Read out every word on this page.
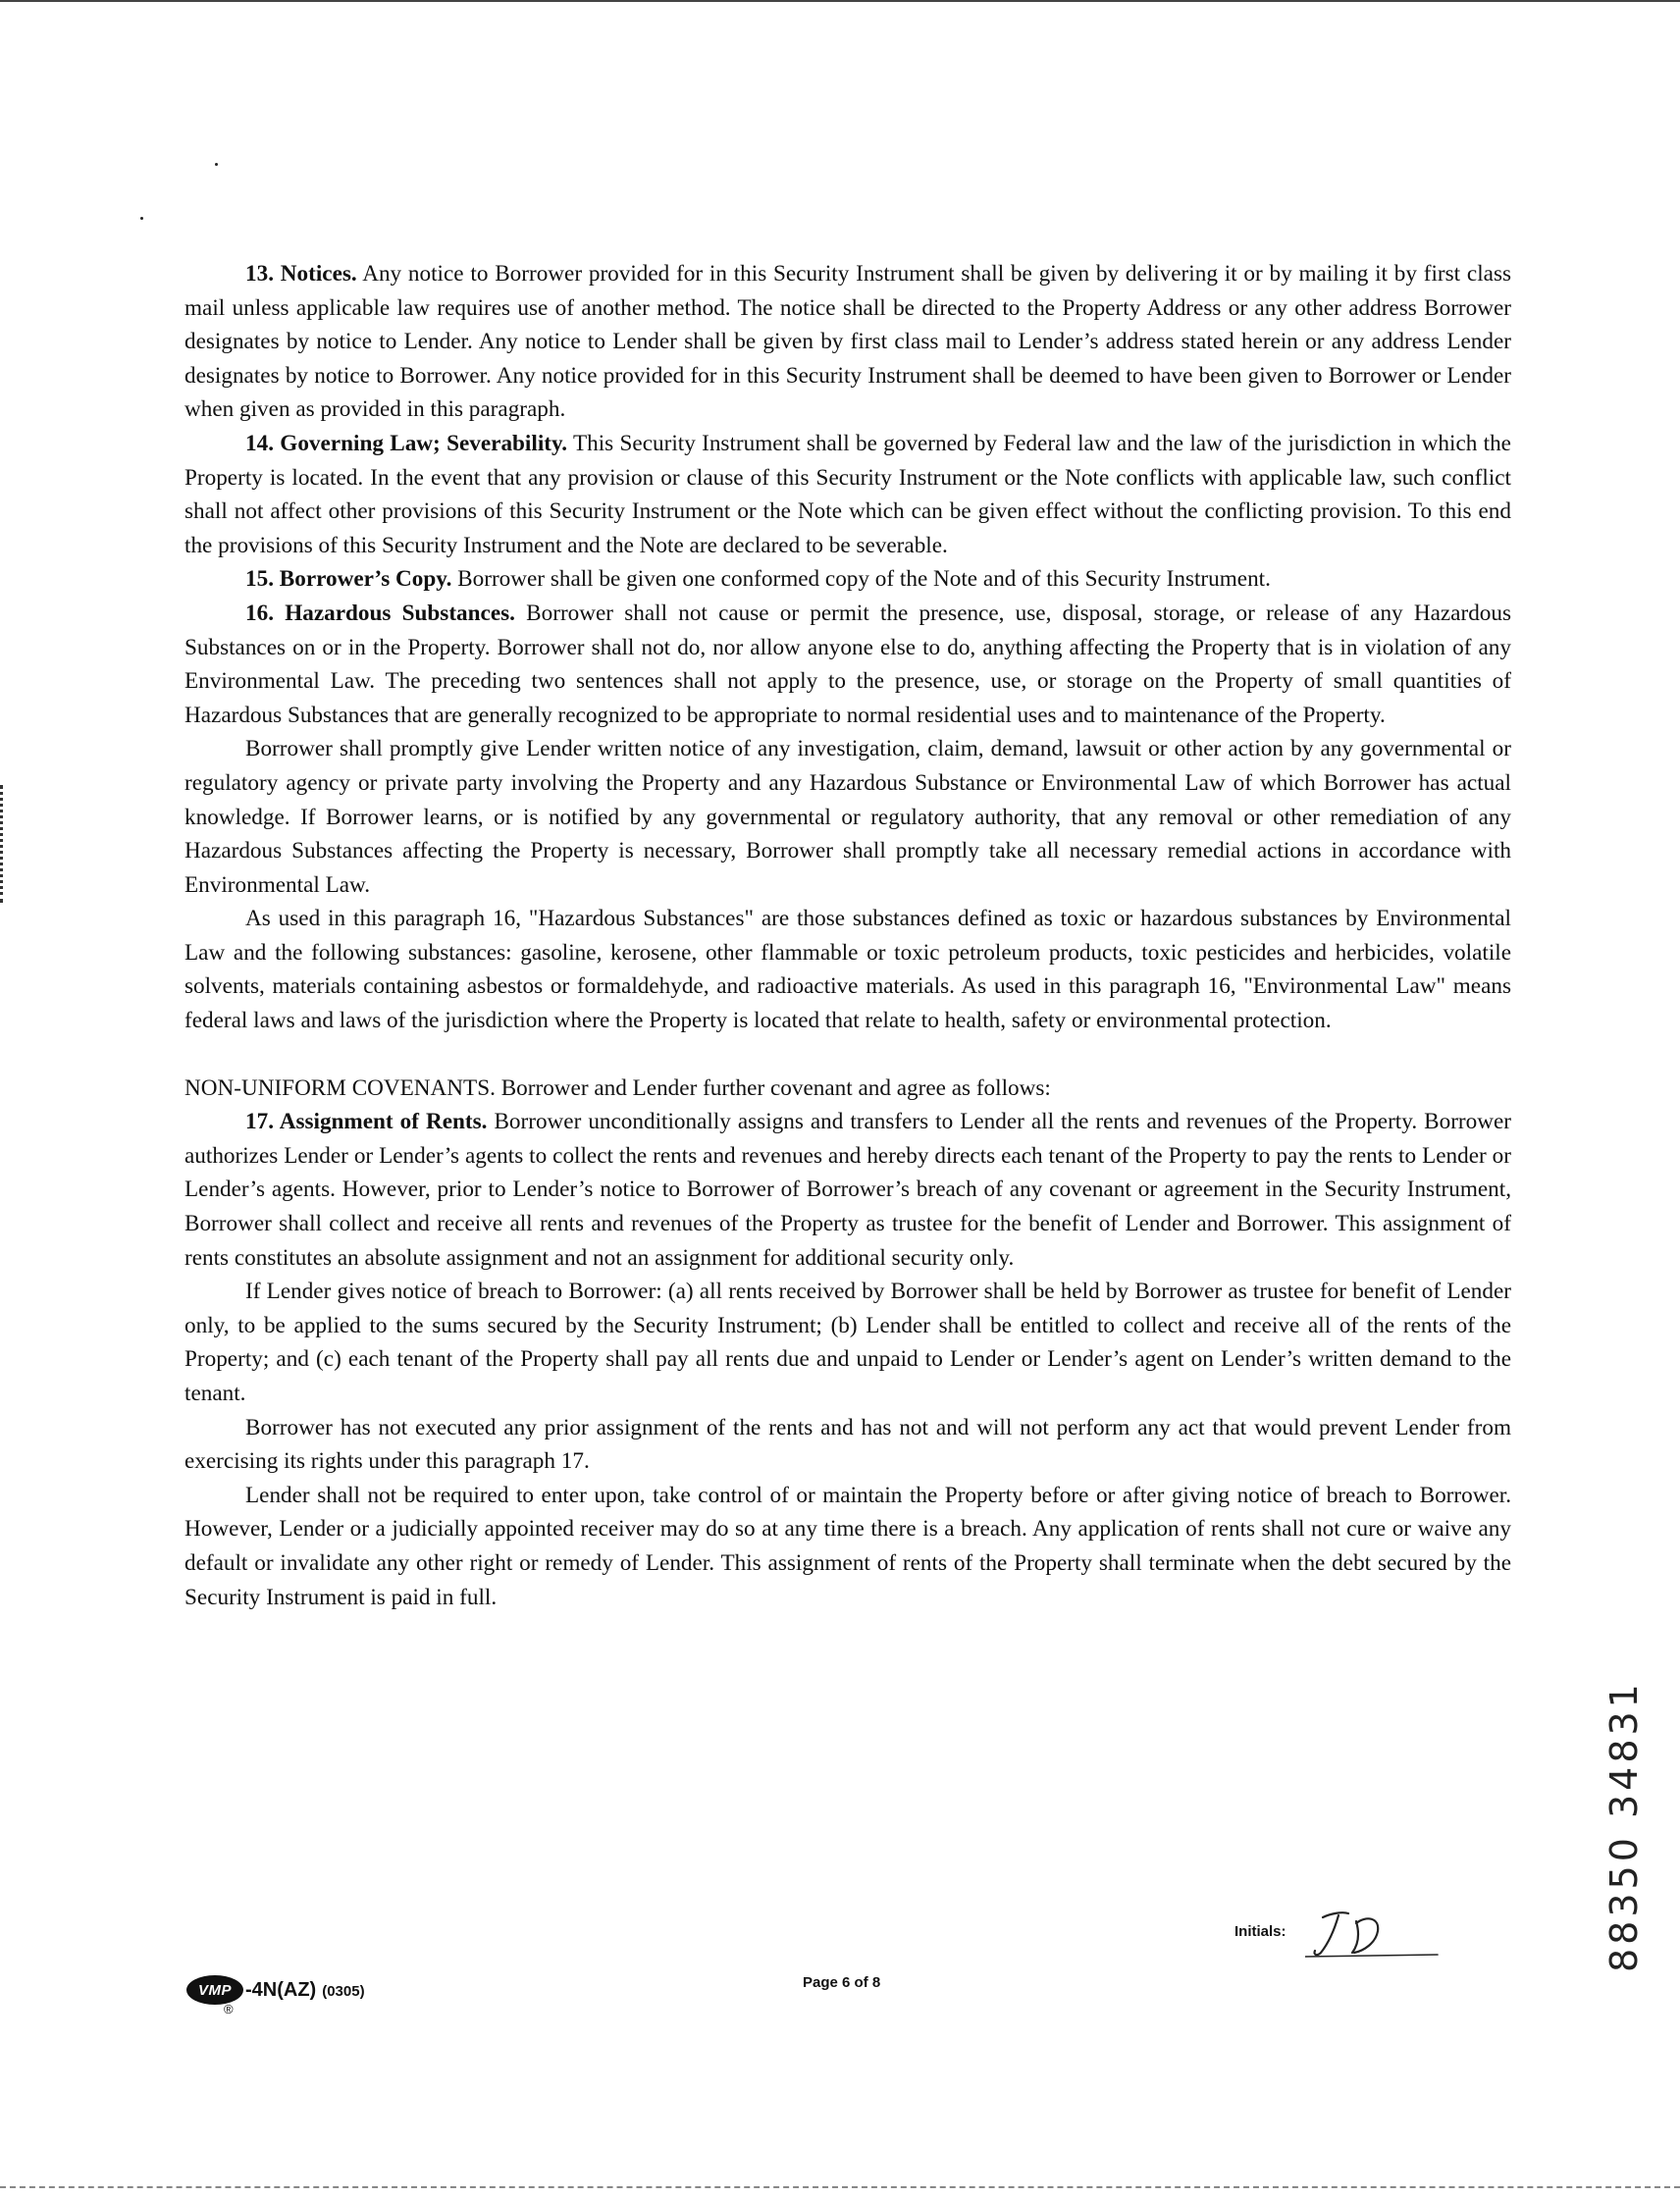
13. Notices. Any notice to Borrower provided for in this Security Instrument shall be given by delivering it or by mailing it by first class mail unless applicable law requires use of another method. The notice shall be directed to the Property Address or any other address Borrower designates by notice to Lender. Any notice to Lender shall be given by first class mail to Lender’s address stated herein or any address Lender designates by notice to Borrower. Any notice provided for in this Security Instrument shall be deemed to have been given to Borrower or Lender when given as provided in this paragraph.

14. Governing Law; Severability. This Security Instrument shall be governed by Federal law and the law of the jurisdiction in which the Property is located. In the event that any provision or clause of this Security Instrument or the Note conflicts with applicable law, such conflict shall not affect other provisions of this Security Instrument or the Note which can be given effect without the conflicting provision. To this end the provisions of this Security Instrument and the Note are declared to be severable.

15. Borrower’s Copy. Borrower shall be given one conformed copy of the Note and of this Security Instrument.

16. Hazardous Substances. Borrower shall not cause or permit the presence, use, disposal, storage, or release of any Hazardous Substances on or in the Property. Borrower shall not do, nor allow anyone else to do, anything affecting the Property that is in violation of any Environmental Law. The preceding two sentences shall not apply to the presence, use, or storage on the Property of small quantities of Hazardous Substances that are generally recognized to be appropriate to normal residential uses and to maintenance of the Property.

Borrower shall promptly give Lender written notice of any investigation, claim, demand, lawsuit or other action by any governmental or regulatory agency or private party involving the Property and any Hazardous Substance or Environmental Law of which Borrower has actual knowledge. If Borrower learns, or is notified by any governmental or regulatory authority, that any removal or other remediation of any Hazardous Substances affecting the Property is necessary, Borrower shall promptly take all necessary remedial actions in accordance with Environmental Law.

As used in this paragraph 16, "Hazardous Substances" are those substances defined as toxic or hazardous substances by Environmental Law and the following substances: gasoline, kerosene, other flammable or toxic petroleum products, toxic pesticides and herbicides, volatile solvents, materials containing asbestos or formaldehyde, and radioactive materials. As used in this paragraph 16, "Environmental Law" means federal laws and laws of the jurisdiction where the Property is located that relate to health, safety or environmental protection.

NON-UNIFORM COVENANTS. Borrower and Lender further covenant and agree as follows:

17. Assignment of Rents. Borrower unconditionally assigns and transfers to Lender all the rents and revenues of the Property. Borrower authorizes Lender or Lender’s agents to collect the rents and revenues and hereby directs each tenant of the Property to pay the rents to Lender or Lender’s agents. However, prior to Lender’s notice to Borrower of Borrower’s breach of any covenant or agreement in the Security Instrument, Borrower shall collect and receive all rents and revenues of the Property as trustee for the benefit of Lender and Borrower. This assignment of rents constitutes an absolute assignment and not an assignment for additional security only.

If Lender gives notice of breach to Borrower: (a) all rents received by Borrower shall be held by Borrower as trustee for benefit of Lender only, to be applied to the sums secured by the Security Instrument; (b) Lender shall be entitled to collect and receive all of the rents of the Property; and (c) each tenant of the Property shall pay all rents due and unpaid to Lender or Lender’s agent on Lender’s written demand to the tenant.

Borrower has not executed any prior assignment of the rents and has not and will not perform any act that would prevent Lender from exercising its rights under this paragraph 17.

Lender shall not be required to enter upon, take control of or maintain the Property before or after giving notice of breach to Borrower. However, Lender or a judicially appointed receiver may do so at any time there is a breach. Any application of rents shall not cure or waive any default or invalidate any other right or remedy of Lender. This assignment of rents of the Property shall terminate when the debt secured by the Security Instrument is paid in full.

88350 34831
VMP -4N(AZ) (0305)
®
Page 6 of 8
Initials:
